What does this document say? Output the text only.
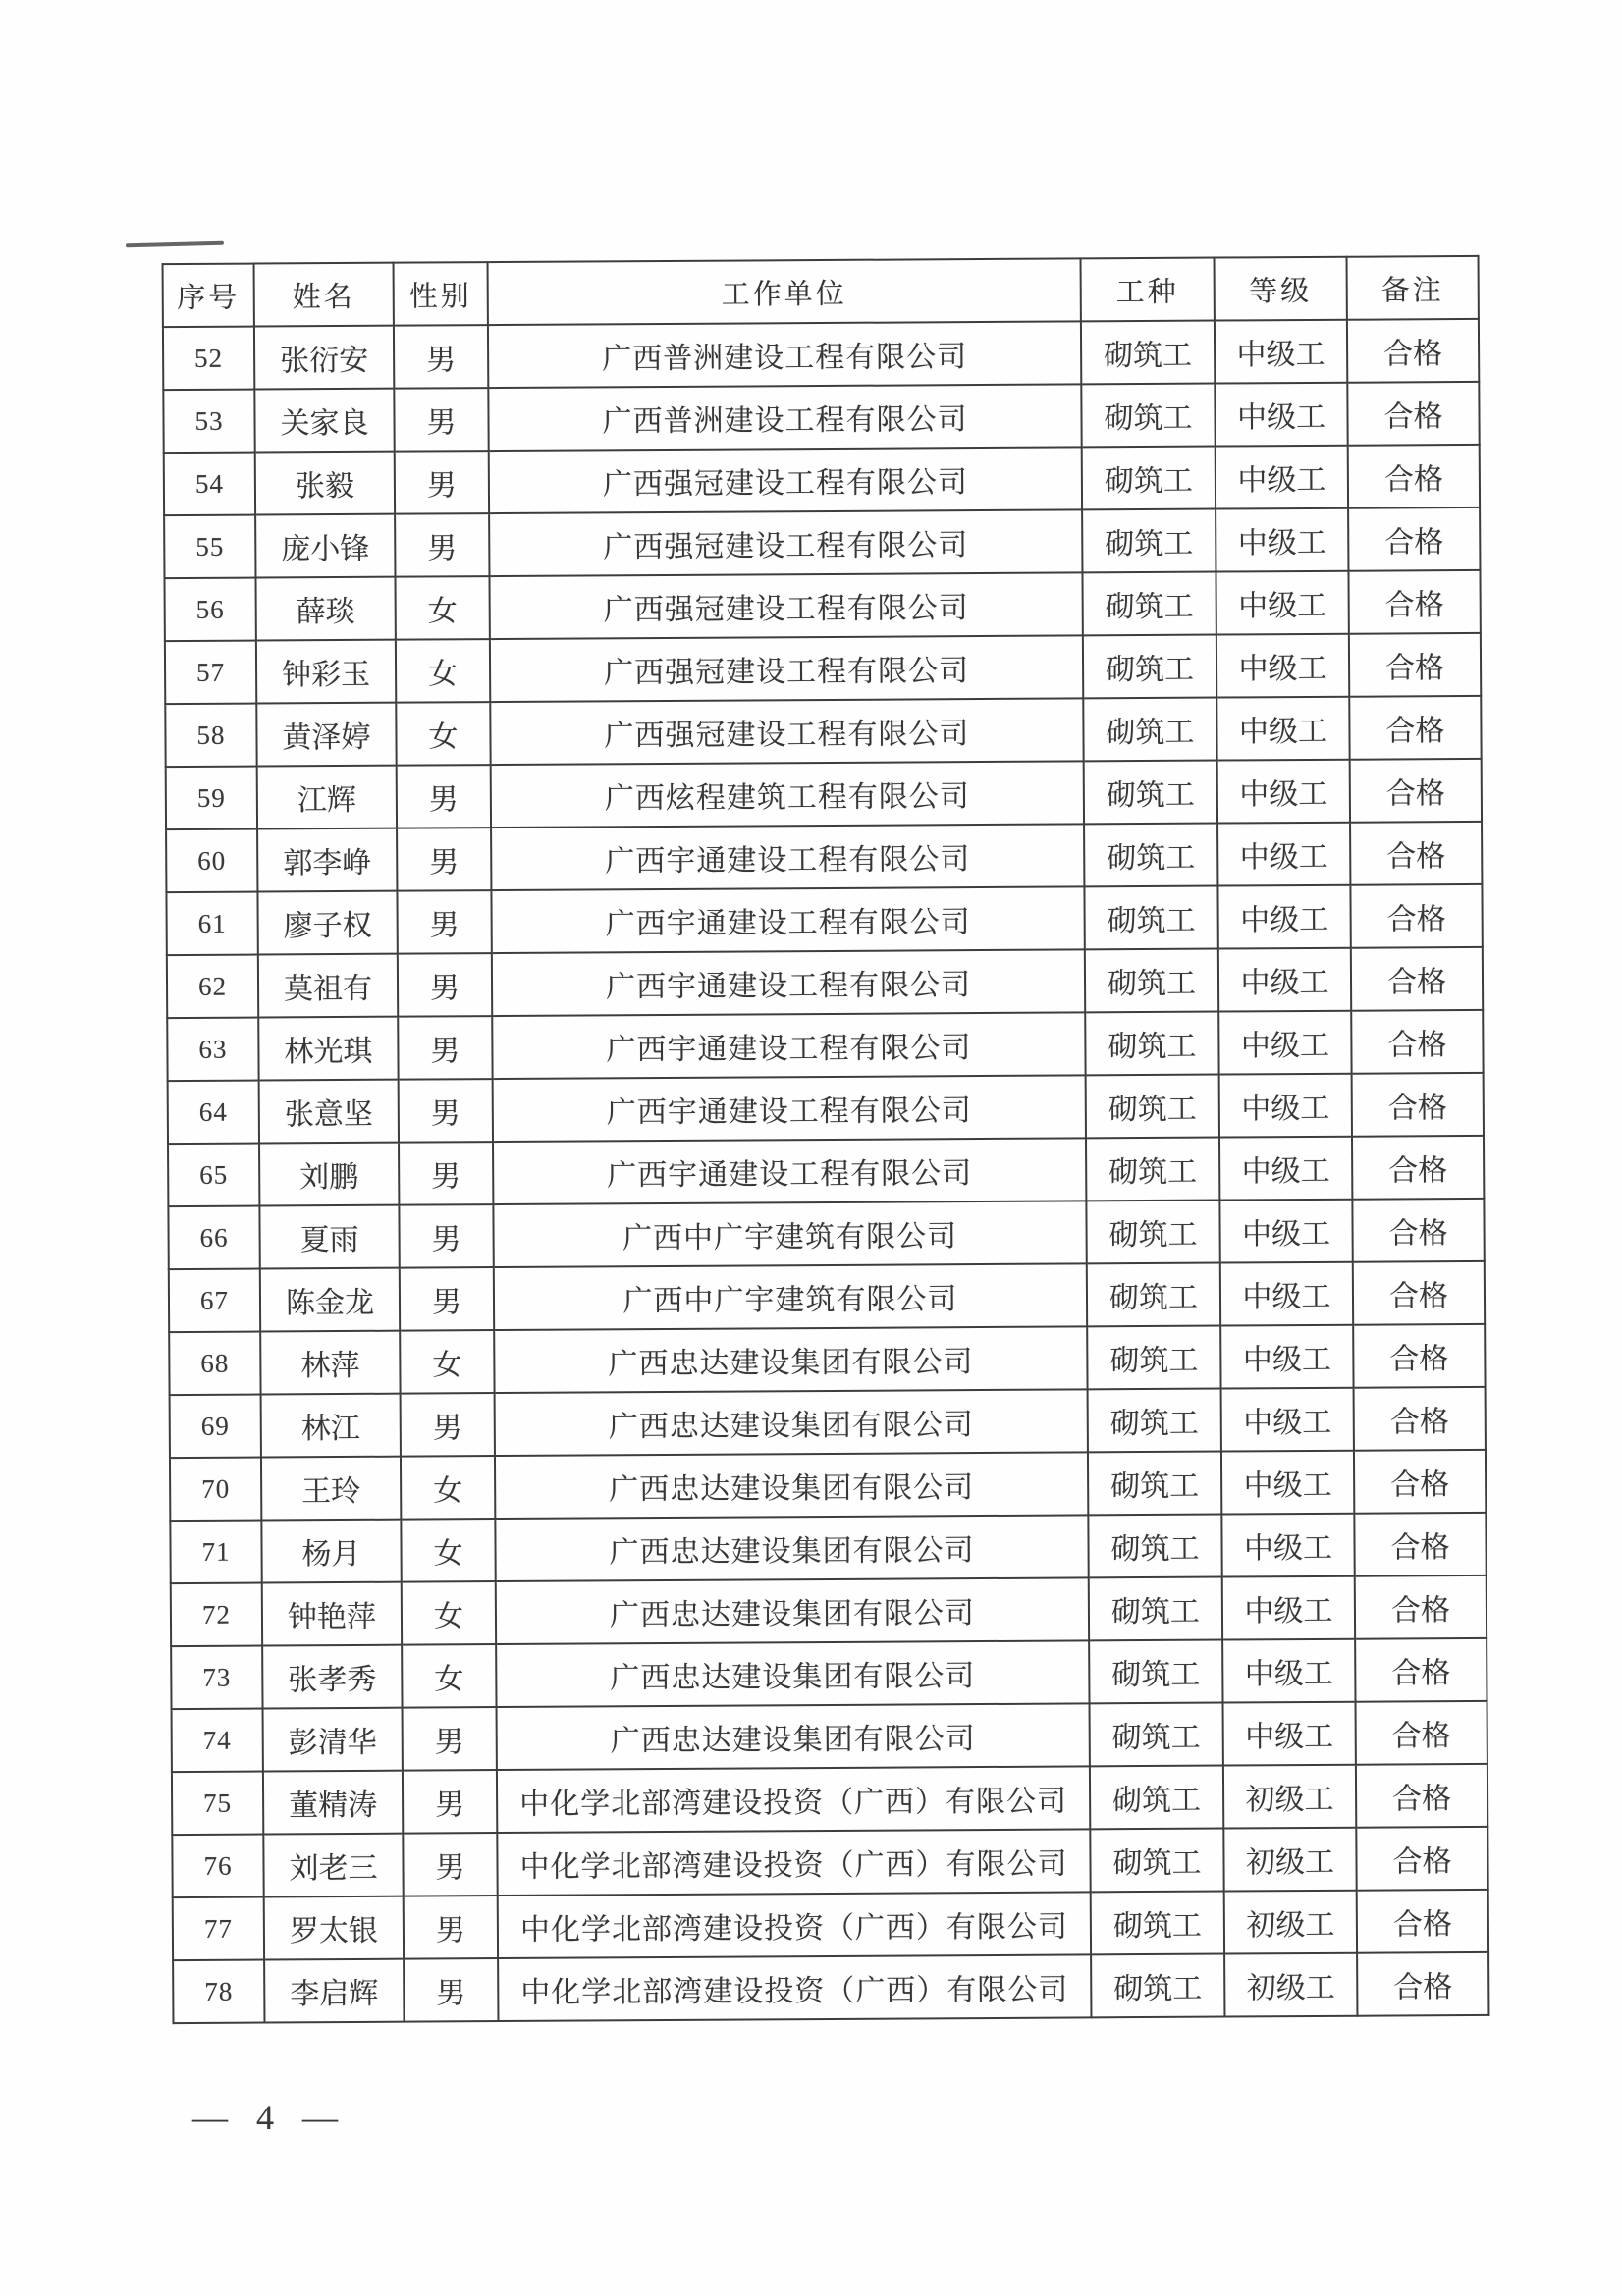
序号	姓名	性别	工作单位	工种	等级	备注
52	张衍安	男	广西普洲建设工程有限公司	砌筑工	中级工	合格
53	关家良	男	广西普洲建设工程有限公司	砌筑工	中级工	合格
54	张毅	男	广西强冠建设工程有限公司	砌筑工	中级工	合格
55	庞小锋	男	广西强冠建设工程有限公司	砌筑工	中级工	合格
56	薛琰	女	广西强冠建设工程有限公司	砌筑工	中级工	合格
57	钟彩玉	女	广西强冠建设工程有限公司	砌筑工	中级工	合格
58	黄泽婷	女	广西强冠建设工程有限公司	砌筑工	中级工	合格
59	江辉	男	广西炫程建筑工程有限公司	砌筑工	中级工	合格
60	郭李峥	男	广西宇通建设工程有限公司	砌筑工	中级工	合格
61	廖子权	男	广西宇通建设工程有限公司	砌筑工	中级工	合格
62	莫祖有	男	广西宇通建设工程有限公司	砌筑工	中级工	合格
63	林光琪	男	广西宇通建设工程有限公司	砌筑工	中级工	合格
64	张意坚	男	广西宇通建设工程有限公司	砌筑工	中级工	合格
65	刘鹏	男	广西宇通建设工程有限公司	砌筑工	中级工	合格
66	夏雨	男	广西中广宇建筑有限公司	砌筑工	中级工	合格
67	陈金龙	男	广西中广宇建筑有限公司	砌筑工	中级工	合格
68	林萍	女	广西忠达建设集团有限公司	砌筑工	中级工	合格
69	林江	男	广西忠达建设集团有限公司	砌筑工	中级工	合格
70	王玲	女	广西忠达建设集团有限公司	砌筑工	中级工	合格
71	杨月	女	广西忠达建设集团有限公司	砌筑工	中级工	合格
72	钟艳萍	女	广西忠达建设集团有限公司	砌筑工	中级工	合格
73	张孝秀	女	广西忠达建设集团有限公司	砌筑工	中级工	合格
74	彭清华	男	广西忠达建设集团有限公司	砌筑工	中级工	合格
75	董精涛	男	中化学北部湾建设投资（广西）有限公司	砌筑工	初级工	合格
76	刘老三	男	中化学北部湾建设投资（广西）有限公司	砌筑工	初级工	合格
77	罗太银	男	中化学北部湾建设投资（广西）有限公司	砌筑工	初级工	合格
78	李启辉	男	中化学北部湾建设投资（广西）有限公司	砌筑工	初级工	合格
— 4 —
